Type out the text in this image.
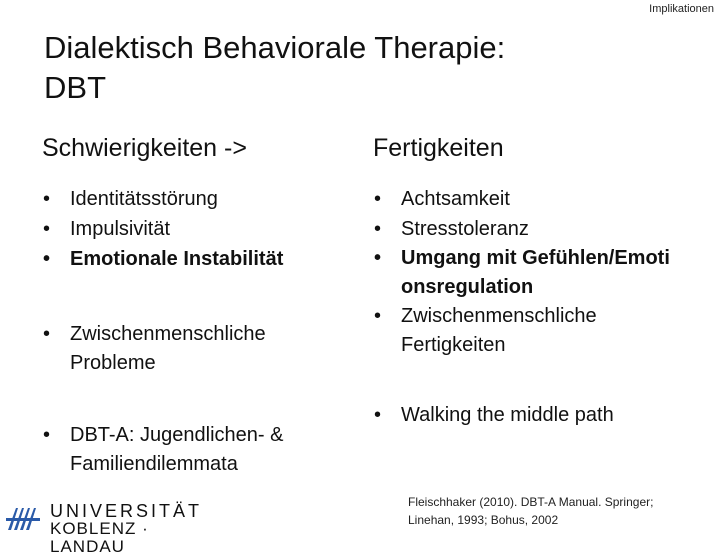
Implikationen
Dialektisch Behaviorale Therapie:
DBT
Schwierigkeiten ->
• Identitätsstörung
• Impulsivität
• Emotionale Instabilität
• Zwischenmenschliche Probleme
• DBT-A: Jugendlichen- & Familiendilemmata
Fertigkeiten
• Achtsamkeit
• Stresstoleranz
• Umgang mit Gefühlen/Emotionsregulation
• Zwischenmenschliche Fertigkeiten
• Walking the middle path
Fleischhaker (2010). DBT-A Manual. Springer;
Linehan, 1993; Bohus, 2002
UNIVERSITÄT
KOBLENZ · LANDAU
